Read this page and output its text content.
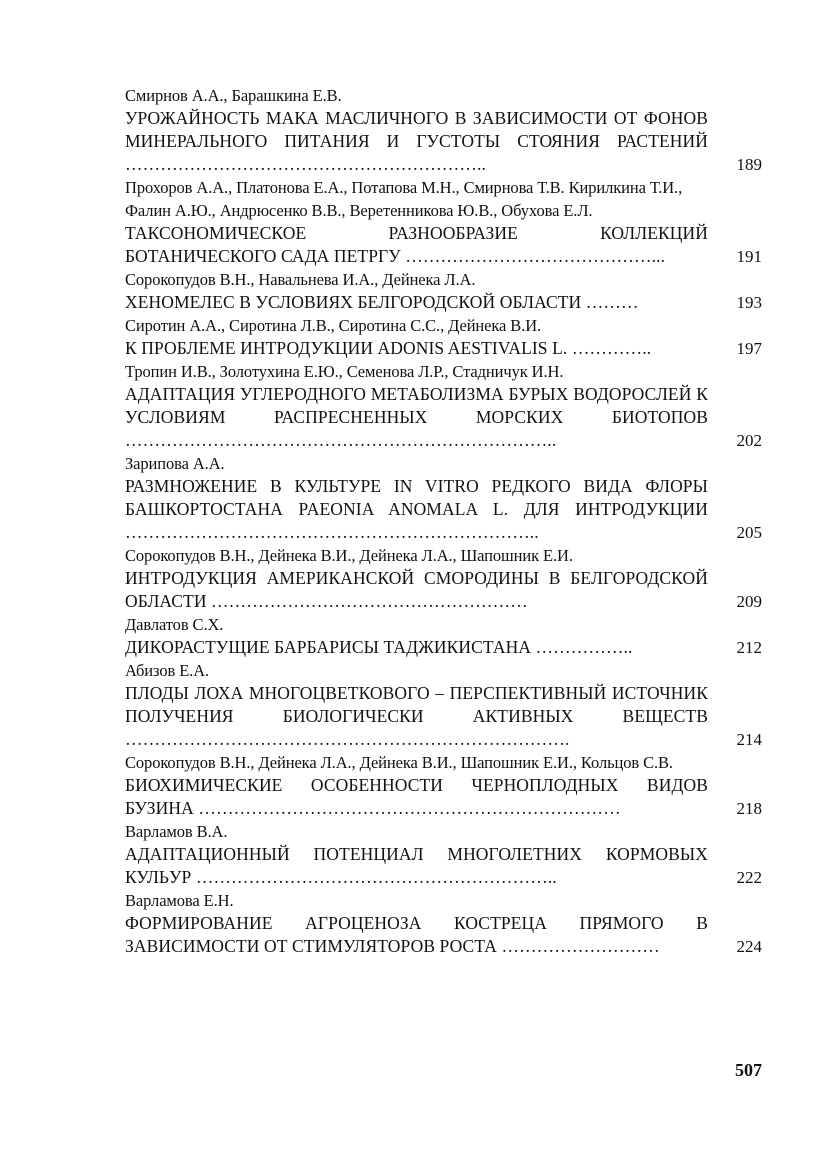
Смирнов А.А., Барашкина Е.В.
УРОЖАЙНОСТЬ МАКА МАСЛИЧНОГО В ЗАВИСИМОСТИ ОТ ФОНОВ МИНЕРАЛЬНОГО ПИТАНИЯ И ГУСТОТЫ СТОЯНИЯ РАСТЕНИЙ ……………………………………………………..	189
Прохоров А.А., Платонова Е.А., Потапова М.Н., Смирнова Т.В. Кирилкина Т.И., Фалин А.Ю., Андрюсенко В.В., Веретенникова Ю.В., Обухова Е.Л.
ТАКСОНОМИЧЕСКОЕ РАЗНООБРАЗИЕ КОЛЛЕКЦИЙ БОТАНИЧЕСКОГО САДА ПЕТРГУ ……………………………………...	191
Сорокопудов В.Н., Навальнева И.А., Дейнека Л.А.
ХЕНОМЕЛЕС В УСЛОВИЯХ БЕЛГОРОДСКОЙ ОБЛАСТИ ………	193
Сиротин А.А., Сиротина Л.В., Сиротина С.С., Дейнека В.И.
К ПРОБЛЕМЕ ИНТРОДУКЦИИ ADONIS AESTIVALIS L. …………..	197
Тропин И.В., Золотухина Е.Ю., Семенова Л.Р., Стадничук И.Н.
АДАПТАЦИЯ УГЛЕРОДНОГО МЕТАБОЛИЗМА БУРЫХ ВОДОРОСЛЕЙ К УСЛОВИЯМ РАСПРЕСНЕННЫХ МОРСКИХ БИОТОПОВ ………………………………………………………………..	202
Зарипова А.А.
РАЗМНОЖЕНИЕ В КУЛЬТУРЕ IN VITRO РЕДКОГО ВИДА ФЛОРЫ БАШКОРТОСТАНА PAEONIA ANOMALA L. ДЛЯ ИНТРОДУКЦИИ ……………………………………………………………..	205
Сорокопудов В.Н., Дейнека В.И., Дейнека Л.А., Шапошник Е.И.
ИНТРОДУКЦИЯ АМЕРИКАНСКОЙ СМОРОДИНЫ В БЕЛГОРОДСКОЙ ОБЛАСТИ ………………………………………………	209
Давлатов С.Х.
ДИКОРАСТУЩИЕ БАРБАРИСЫ ТАДЖИКИСТАНА ……………..	212
Абизов Е.А.
ПЛОДЫ ЛОХА МНОГОЦВЕТКОВОГО – ПЕРСПЕКТИВНЫЙ ИСТОЧНИК ПОЛУЧЕНИЯ БИОЛОГИЧЕСКИ АКТИВНЫХ ВЕЩЕСТВ ………………………………………………………………….	214
Сорокопудов В.Н., Дейнека Л.А., Дейнека В.И., Шапошник Е.И., Кольцов С.В.
БИОХИМИЧЕСКИЕ ОСОБЕННОСТИ ЧЕРНОПЛОДНЫХ ВИДОВ БУЗИНА ………………………………………………………………	218
Варламов В.А.
АДАПТАЦИОННЫЙ ПОТЕНЦИАЛ МНОГОЛЕТНИХ КОРМОВЫХ КУЛЬУР ……………………………………………………..	222
Варламова Е.Н.
ФОРМИРОВАНИЕ АГРОЦЕНОЗА КОСТРЕЦА ПРЯМОГО В ЗАВИСИМОСТИ ОТ СТИМУЛЯТОРОВ РОСТА ………………………	224
507
